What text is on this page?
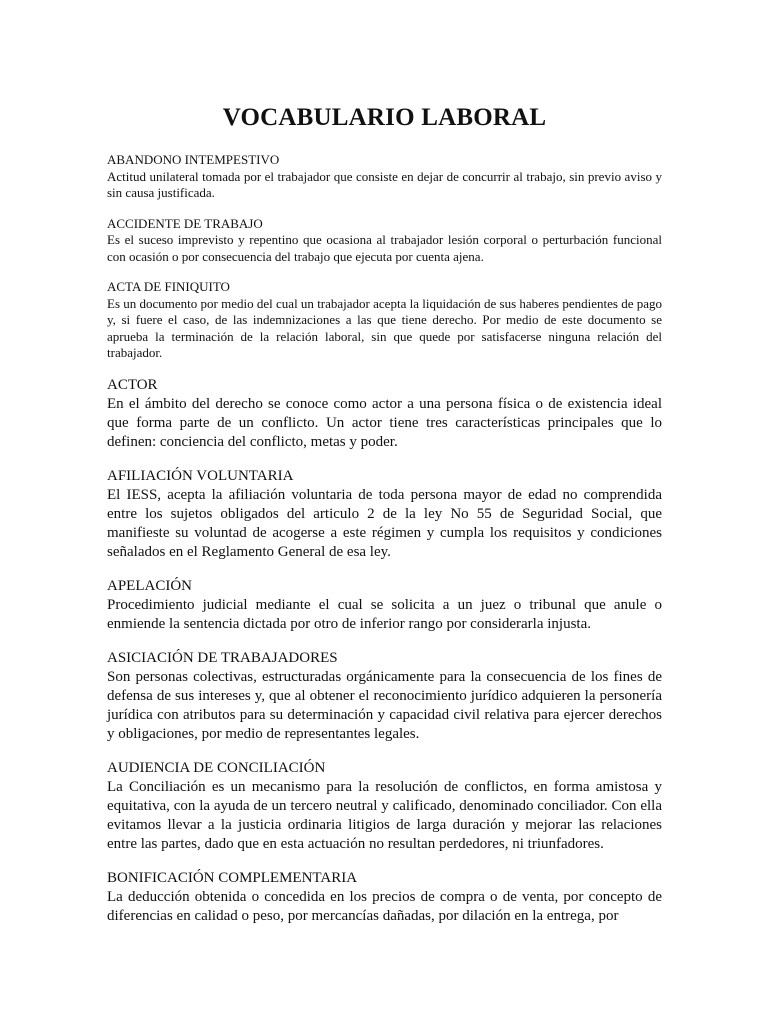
VOCABULARIO LABORAL
ABANDONO INTEMPESTIVO
Actitud unilateral tomada por el trabajador que consiste en dejar de concurrir al trabajo, sin previo aviso y sin causa justificada.
ACCIDENTE DE TRABAJO
Es el suceso imprevisto y repentino que ocasiona al trabajador lesión corporal o perturbación funcional con ocasión o por consecuencia del trabajo que ejecuta por cuenta ajena.
ACTA DE FINIQUITO
Es un documento por medio del cual un trabajador acepta la liquidación de sus haberes pendientes de pago y, si fuere el caso, de las indemnizaciones a las que tiene derecho. Por medio de este documento se aprueba la terminación de la relación laboral, sin que quede por satisfacerse ninguna relación del trabajador.
ACTOR
En el ámbito del derecho se conoce como actor a una persona física o de existencia ideal que forma parte de un conflicto. Un actor tiene tres características principales que lo definen: conciencia del conflicto, metas y poder.
AFILIACIÓN VOLUNTARIA
El IESS, acepta la afiliación voluntaria de toda persona mayor de edad no comprendida entre los sujetos obligados del articulo 2 de la ley No 55 de Seguridad Social, que manifieste su voluntad de acogerse a este régimen y cumpla los requisitos y condiciones señalados en el Reglamento General de esa ley.
APELACIÓN
Procedimiento judicial mediante el cual se solicita a un juez o tribunal que anule o enmiende la sentencia dictada por otro de inferior rango por considerarla injusta.
ASICIACIÓN DE TRABAJADORES
Son personas colectivas, estructuradas orgánicamente para la consecuencia de los fines de defensa de sus intereses y, que al obtener el reconocimiento jurídico adquieren la personería jurídica con atributos para su determinación y capacidad civil relativa para ejercer derechos y obligaciones, por medio de representantes legales.
AUDIENCIA DE CONCILIACIÓN
La Conciliación es un mecanismo para la resolución de conflictos, en forma amistosa y equitativa, con la ayuda de un tercero neutral y calificado, denominado conciliador. Con ella evitamos llevar a la justicia ordinaria litigios de larga duración y mejorar las relaciones entre las partes, dado que en esta actuación no resultan perdedores, ni triunfadores.
BONIFICACIÓN COMPLEMENTARIA
La deducción obtenida o concedida en los precios de compra o de venta, por concepto de diferencias en calidad o peso, por mercancías dañadas, por dilación en la entrega, por
